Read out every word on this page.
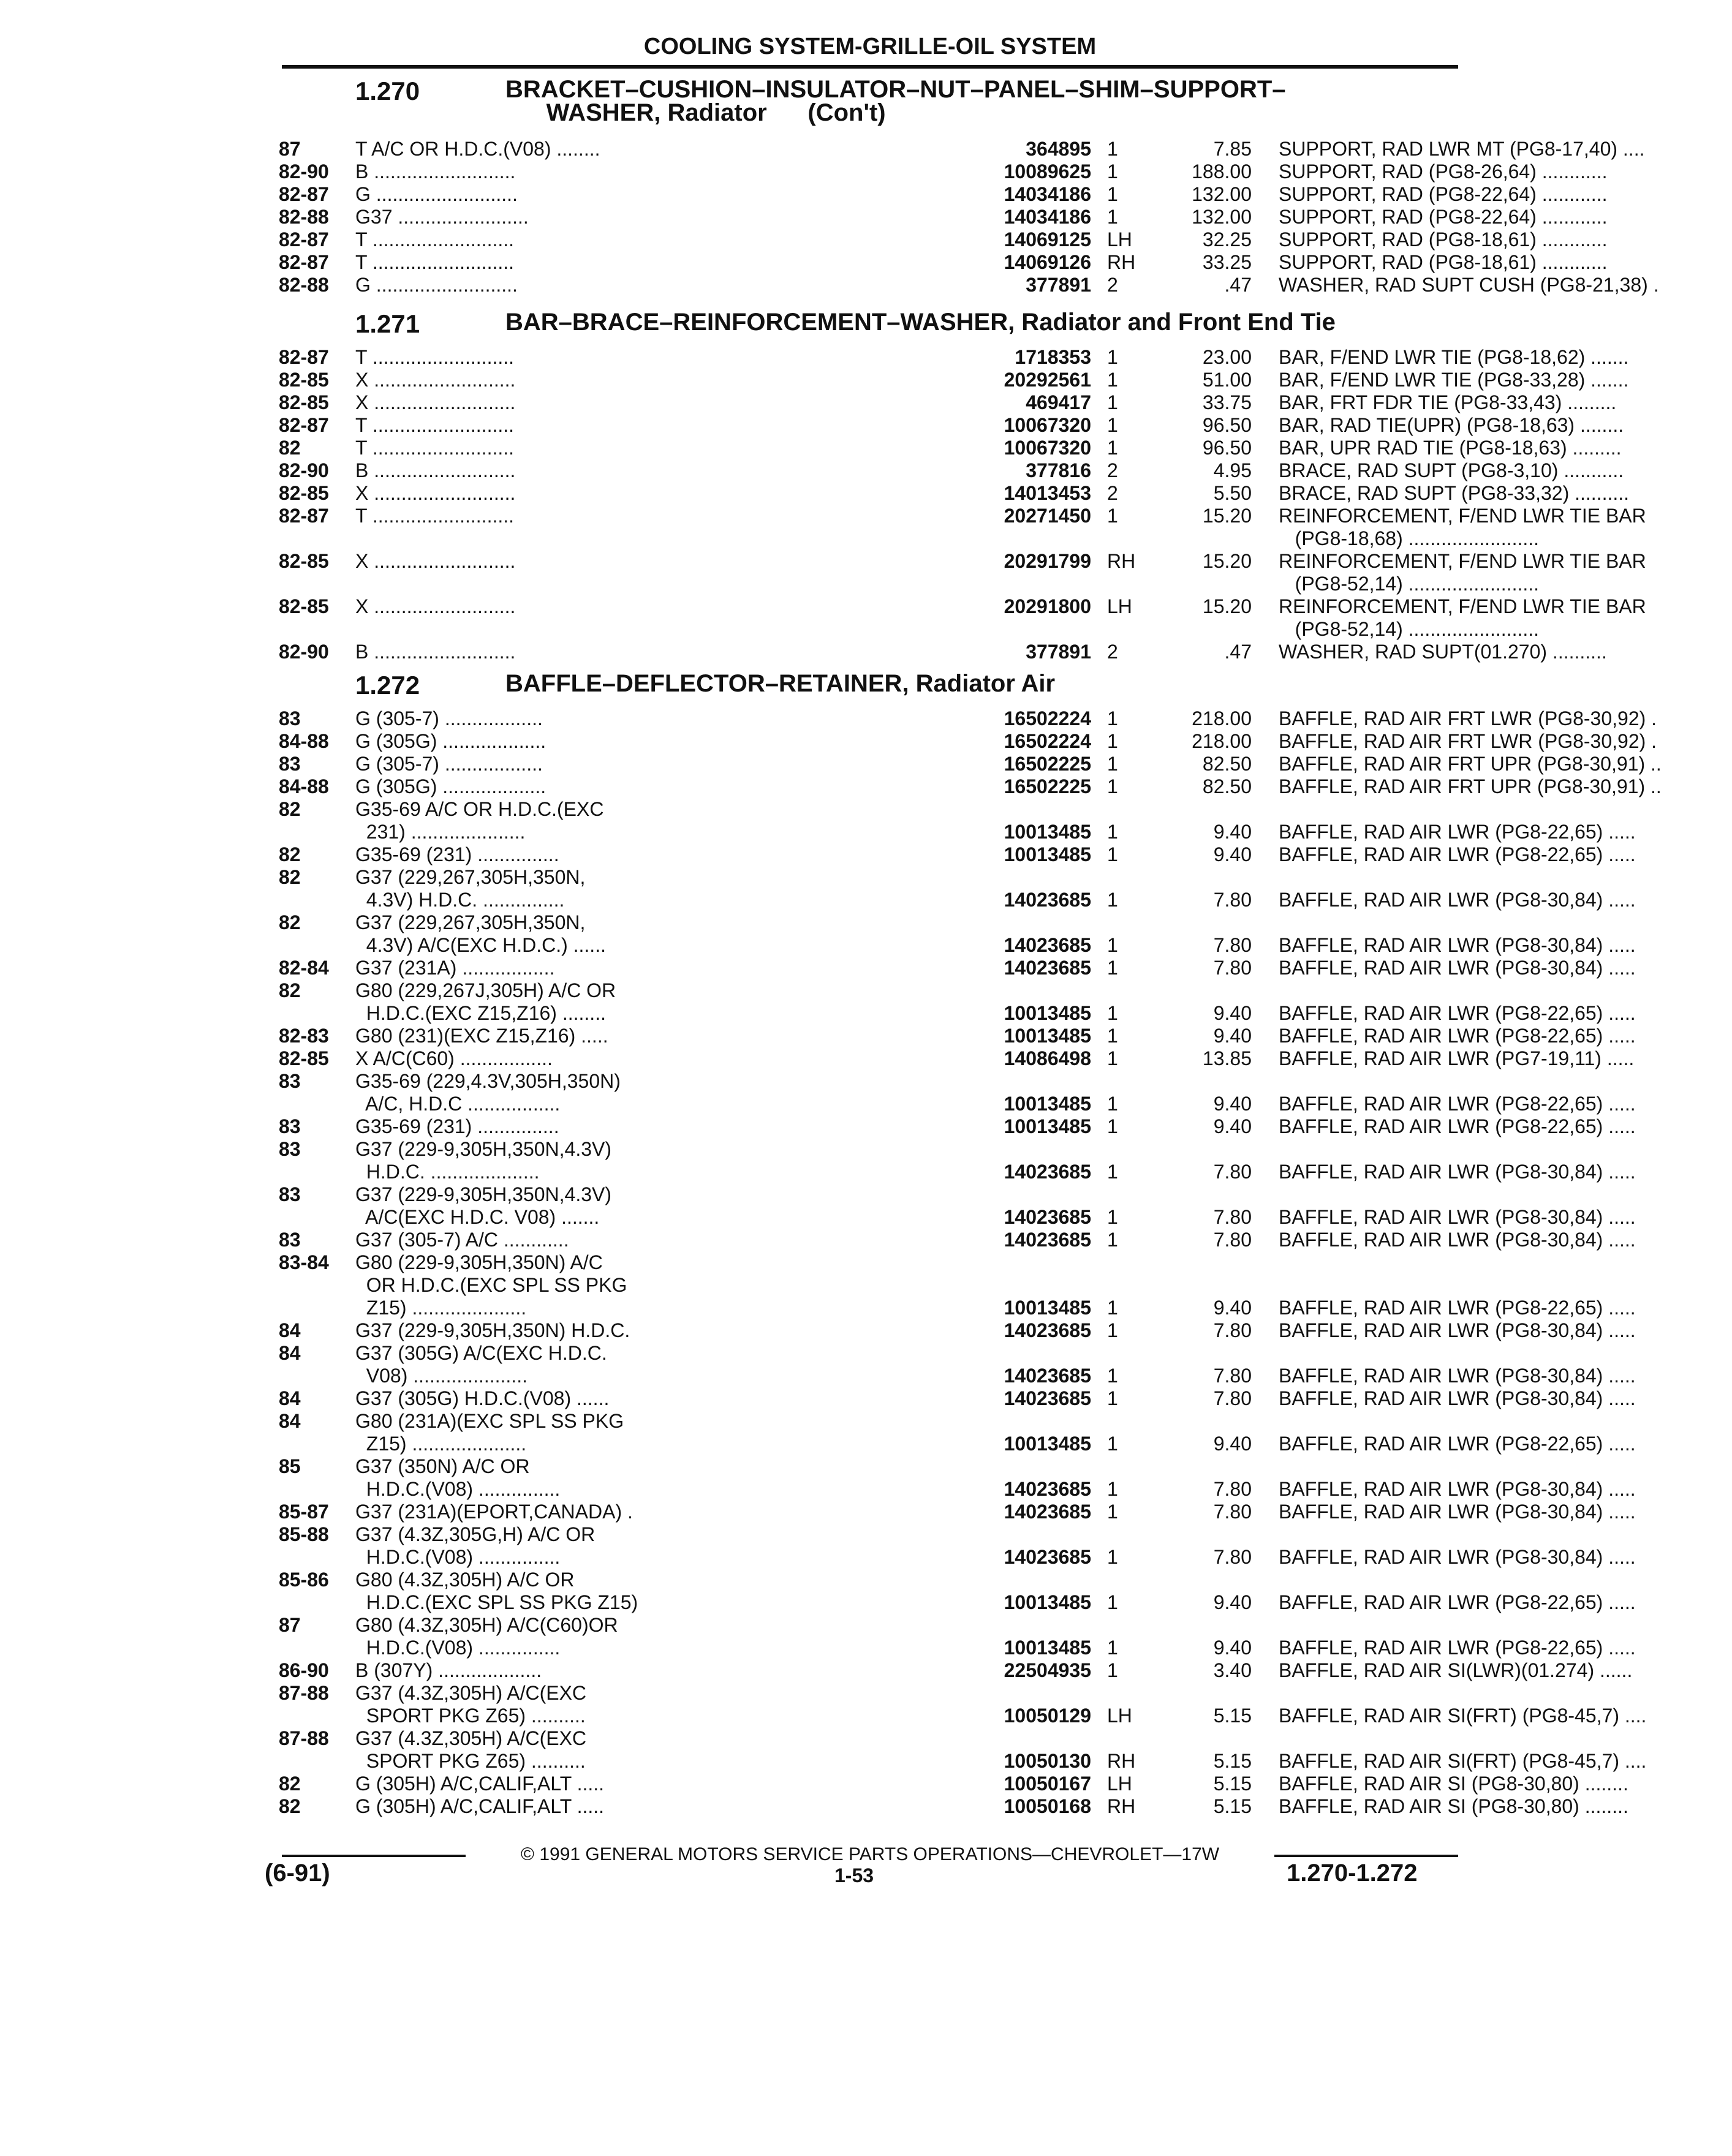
COOLING SYSTEM-GRILLE-OIL SYSTEM
1.270	BRACKET–CUSHION–INSULATOR–NUT–PANEL–SHIM–SUPPORT–
WASHER, Radiator      (Con't)
87	T A/C OR H.D.C.(V08) ........	364895 1	7.85 SUPPORT, RAD LWR MT (PG8-17,40) ....
82-90 B ..........................	10089625 1	188.00 SUPPORT, RAD (PG8-26,64) ............
82-87 G ..........................	14034186 1	132.00 SUPPORT, RAD (PG8-22,64) ............
82-88 G37 ........................	14034186 1	132.00 SUPPORT, RAD (PG8-22,64) ............
82-87 T ..........................	14069125 LH	32.25 SUPPORT, RAD (PG8-18,61) ............
82-87 T ..........................	14069126 RH	33.25 SUPPORT, RAD (PG8-18,61) ............
82-88 G ..........................	377891 2	.47 WASHER, RAD SUPT CUSH (PG8-21,38) .
1.271	BAR–BRACE–REINFORCEMENT–WASHER, Radiator and Front End Tie
82-87 T ..........................	1718353 1	23.00 BAR, F/END LWR TIE (PG8-18,62) .......
82-85 X ..........................	20292561 1	51.00 BAR, F/END LWR TIE (PG8-33,28) .......
82-85 X ..........................	469417 1	33.75 BAR, FRT FDR TIE (PG8-33,43) .........
82-87 T ..........................	10067320 1	96.50 BAR, RAD TIE(UPR) (PG8-18,63) ........
82	T ..........................	10067320 1	96.50 BAR, UPR RAD TIE (PG8-18,63) .........
82-90 B ..........................	377816 2	4.95 BRACE, RAD SUPT (PG8-3,10) ...........
82-85 X ..........................	14013453 2	5.50 BRACE, RAD SUPT (PG8-33,32) ..........
82-87 T ..........................	20271450 1	15.20 REINFORCEMENT, F/END LWR TIE BAR
(PG8-18,68) ........................
82-85 X ..........................	20291799 RH	15.20 REINFORCEMENT, F/END LWR TIE BAR
(PG8-52,14) ........................
82-85 X ..........................	20291800 LH	15.20 REINFORCEMENT, F/END LWR TIE BAR
(PG8-52,14) ........................
82-90 B ..........................	377891 2	.47 WASHER, RAD SUPT(01.270) ..........
1.272	BAFFLE–DEFLECTOR–RETAINER, Radiator Air
83	G (305-7) ..................	16502224 1	218.00 BAFFLE, RAD AIR FRT LWR (PG8-30,92) .
84-88 G (305G) ...................	16502224 1	218.00 BAFFLE, RAD AIR FRT LWR (PG8-30,92) .
83	G (305-7) ..................	16502225 1	82.50 BAFFLE, RAD AIR FRT UPR (PG8-30,91) ..
84-88 G (305G) ...................	16502225 1	82.50 BAFFLE, RAD AIR FRT UPR (PG8-30,91) ..
82	G35-69 A/C OR H.D.C.(EXC
231) .....................	10013485 1	9.40 BAFFLE, RAD AIR LWR (PG8-22,65) .....
82	G35-69 (231) ...............	10013485 1	9.40 BAFFLE, RAD AIR LWR (PG8-22,65) .....
82	G37 (229,267,305H,350N,
4.3V) H.D.C. ...............	14023685 1	7.80 BAFFLE, RAD AIR LWR (PG8-30,84) .....
82	G37 (229,267,305H,350N,
4.3V) A/C(EXC H.D.C.) ......	14023685 1	7.80 BAFFLE, RAD AIR LWR (PG8-30,84) .....
82-84 G37 (231A) .................	14023685 1	7.80 BAFFLE, RAD AIR LWR (PG8-30,84) .....
82	G80 (229,267J,305H) A/C OR
H.D.C.(EXC Z15,Z16) ........	10013485 1	9.40 BAFFLE, RAD AIR LWR (PG8-22,65) .....
82-83 G80 (231)(EXC Z15,Z16) .....	10013485 1	9.40 BAFFLE, RAD AIR LWR (PG8-22,65) .....
82-85 X A/C(C60) .................	14086498 1	13.85 BAFFLE, RAD AIR LWR (PG7-19,11) .....
83	G35-69 (229,4.3V,305H,350N)
A/C, H.D.C .................	10013485 1	9.40 BAFFLE, RAD AIR LWR (PG8-22,65) .....
83	G35-69 (231) ...............	10013485 1	9.40 BAFFLE, RAD AIR LWR (PG8-22,65) .....
83	G37 (229-9,305H,350N,4.3V)
H.D.C. ....................	14023685 1	7.80 BAFFLE, RAD AIR LWR (PG8-30,84) .....
83	G37 (229-9,305H,350N,4.3V)
A/C(EXC H.D.C. V08) .......	14023685 1	7.80 BAFFLE, RAD AIR LWR (PG8-30,84) .....
83	G37 (305-7) A/C ............	14023685 1	7.80 BAFFLE, RAD AIR LWR (PG8-30,84) .....
83-84 G80 (229-9,305H,350N) A/C
OR H.D.C.(EXC SPL SS PKG
Z15) .....................	10013485 1	9.40 BAFFLE, RAD AIR LWR (PG8-22,65) .....
84	G37 (229-9,305H,350N) H.D.C.	14023685 1	7.80 BAFFLE, RAD AIR LWR (PG8-30,84) .....
84	G37 (305G) A/C(EXC H.D.C.
V08) .....................	14023685 1	7.80 BAFFLE, RAD AIR LWR (PG8-30,84) .....
84	G37 (305G) H.D.C.(V08) ......	14023685 1	7.80 BAFFLE, RAD AIR LWR (PG8-30,84) .....
84	G80 (231A)(EXC SPL SS PKG
Z15) .....................	10013485 1	9.40 BAFFLE, RAD AIR LWR (PG8-22,65) .....
85	G37 (350N) A/C OR
H.D.C.(V08) ...............	14023685 1	7.80 BAFFLE, RAD AIR LWR (PG8-30,84) .....
85-87 G37 (231A)(EPORT,CANADA) .	14023685 1	7.80 BAFFLE, RAD AIR LWR (PG8-30,84) .....
85-88 G37 (4.3Z,305G,H) A/C OR
H.D.C.(V08) ...............	14023685 1	7.80 BAFFLE, RAD AIR LWR (PG8-30,84) .....
85-86 G80 (4.3Z,305H) A/C OR
H.D.C.(EXC SPL SS PKG Z15)	10013485 1	9.40 BAFFLE, RAD AIR LWR (PG8-22,65) .....
87	G80 (4.3Z,305H) A/C(C60)OR
H.D.C.(V08) ...............	10013485 1	9.40 BAFFLE, RAD AIR LWR (PG8-22,65) .....
86-90 B (307Y) ...................	22504935 1	3.40 BAFFLE, RAD AIR SI(LWR)(01.274) ......
87-88 G37 (4.3Z,305H) A/C(EXC
SPORT PKG Z65) ..........	10050129 LH	5.15 BAFFLE, RAD AIR SI(FRT) (PG8-45,7) ....
87-88 G37 (4.3Z,305H) A/C(EXC
SPORT PKG Z65) ..........	10050130 RH	5.15 BAFFLE, RAD AIR SI(FRT) (PG8-45,7) ....
82	G (305H) A/C,CALIF,ALT .....	10050167 LH	5.15 BAFFLE, RAD AIR SI (PG8-30,80) ........
82	G (305H) A/C,CALIF,ALT .....	10050168 RH	5.15 BAFFLE, RAD AIR SI (PG8-30,80) ........
© 1991 GENERAL MOTORS SERVICE PARTS OPERATIONS—CHEVROLET—17W
(6-91)	1-53	1.270-1.272
